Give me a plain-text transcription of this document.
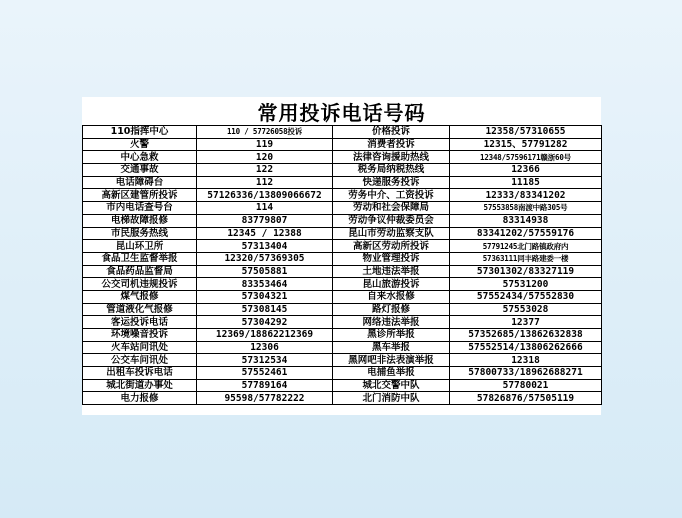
常用投诉电话号码
110指挥中心	110 / 57726058投诉	价格投诉	12358/57310655
火警	119	消费者投诉	12315、57791282
中心急救	120	法律咨询援助热线	12348/57596171赣浙60号
交通事故	122	税务局纳税热线	12366
电话障碍台	112	快递服务投诉	11185
高新区建管所投诉	57126336/13809066672	劳务中介、工资投诉	12333/83341202
市内电话查号台	114	劳动和社会保障局	57553858南渡中路305号
电梯故障报修	83779807	劳动争议仲裁委员会	83314938
市民服务热线	12345 / 12388	昆山市劳动监察支队	83341202/57559176
昆山环卫所	57313404	高新区劳动所投诉	57791245北门路镇政府内
食品卫生监督举报	12320/57369305	物业管理投诉	57363111同丰路建委一楼
食品药品监督局	57505881	土地违法举报	57301302/83327119
公交司机违规投诉	83353464	昆山旅游投诉	57531200
煤气报修	57304321	自来水报修	57552434/57552830
管道液化气报修	57308145	路灯报修	57553028
客运投诉电话	57304292	网络违法举报	12377
环境噪音投诉	12369/18862212369	黑诊所举报	57352685/13862632838
火车站问讯处	12306	黑车举报	57552514/13806262666
公交车问讯处	57312534	黑网吧非法表演举报	12318
出租车投诉电话	57552461	电捕鱼举报	57800733/18962688271
城北街道办事处	57789164	城北交警中队	57780021
电力报修	95598/57782222	北门消防中队	57826876/57505119
